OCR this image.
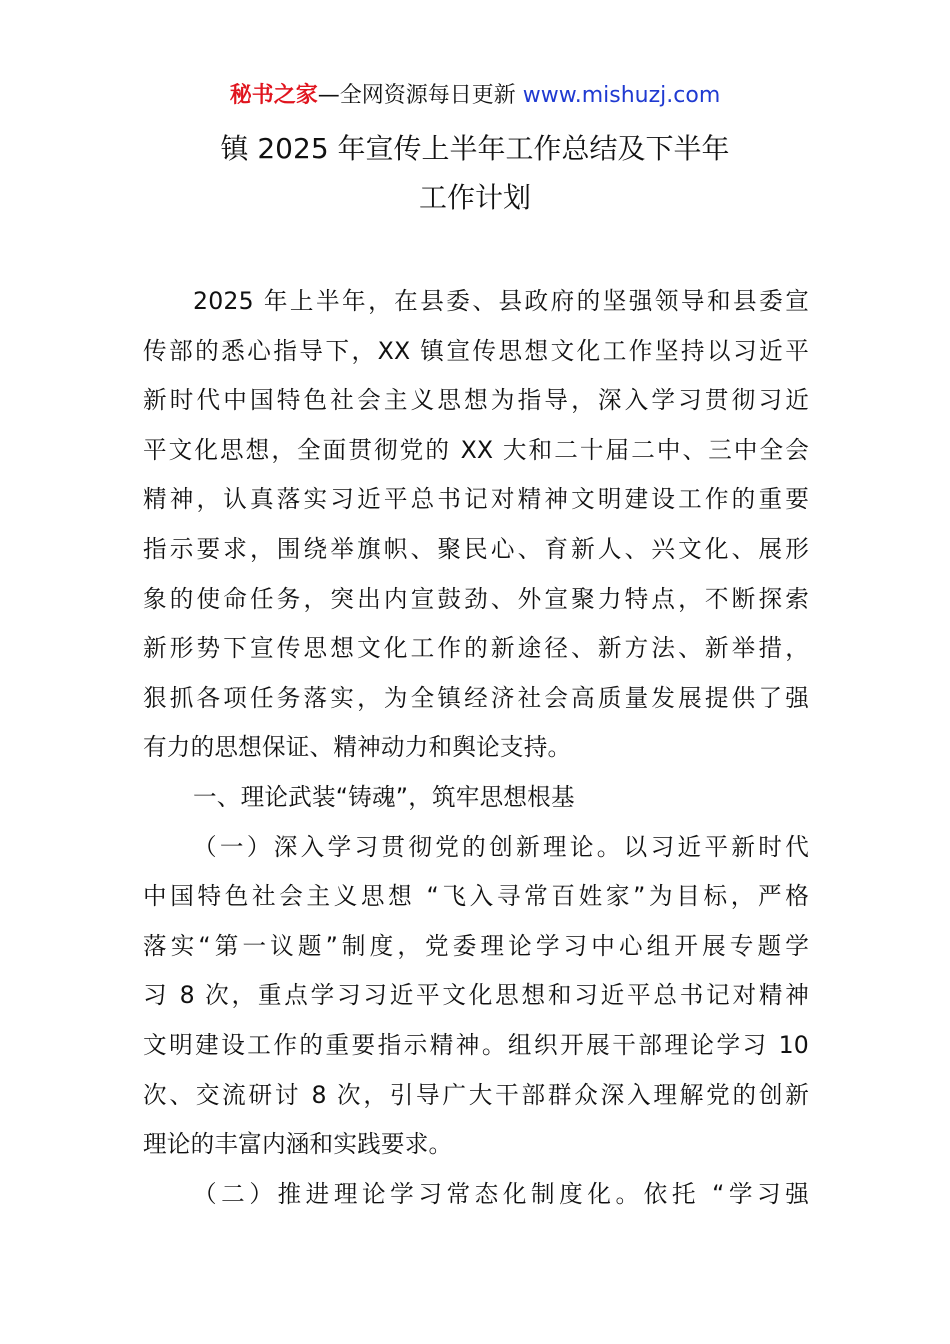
秘书之家—全网资源每日更新 www.mishuzj.com
镇 2025 年宣传上半年工作总结及下半年
工作计划
2025 年上半年，在县委、县政府的坚强领导和县委宣
传部的悉心指导下，XX 镇宣传思想文化工作坚持以习近平
新时代中国特色社会主义思想为指导，深入学习贯彻习近
平文化思想，全面贯彻党的 XX 大和二十届二中、三中全会
精神，认真落实习近平总书记对精神文明建设工作的重要
指示要求，围绕举旗帜、聚民心、育新人、兴文化、展形
象的使命任务，突出内宣鼓劲、外宣聚力特点，不断探索
新形势下宣传思想文化工作的新途径、新方法、新举措，
狠抓各项任务落实，为全镇经济社会高质量发展提供了强
有力的思想保证、精神动力和舆论支持。
一、理论武装“铸魂”，筑牢思想根基
（一）深入学习贯彻党的创新理论。以习近平新时代
中国特色社会主义思想 “飞入寻常百姓家”为目标，严格
落实“第一议题”制度，党委理论学习中心组开展专题学
习 8 次，重点学习习近平文化思想和习近平总书记对精神
文明建设工作的重要指示精神。组织开展干部理论学习 10
次、交流研讨 8 次，引导广大干部群众深入理解党的创新
理论的丰富内涵和实践要求。
（二）推进理论学习常态化制度化。依托 “学习强
